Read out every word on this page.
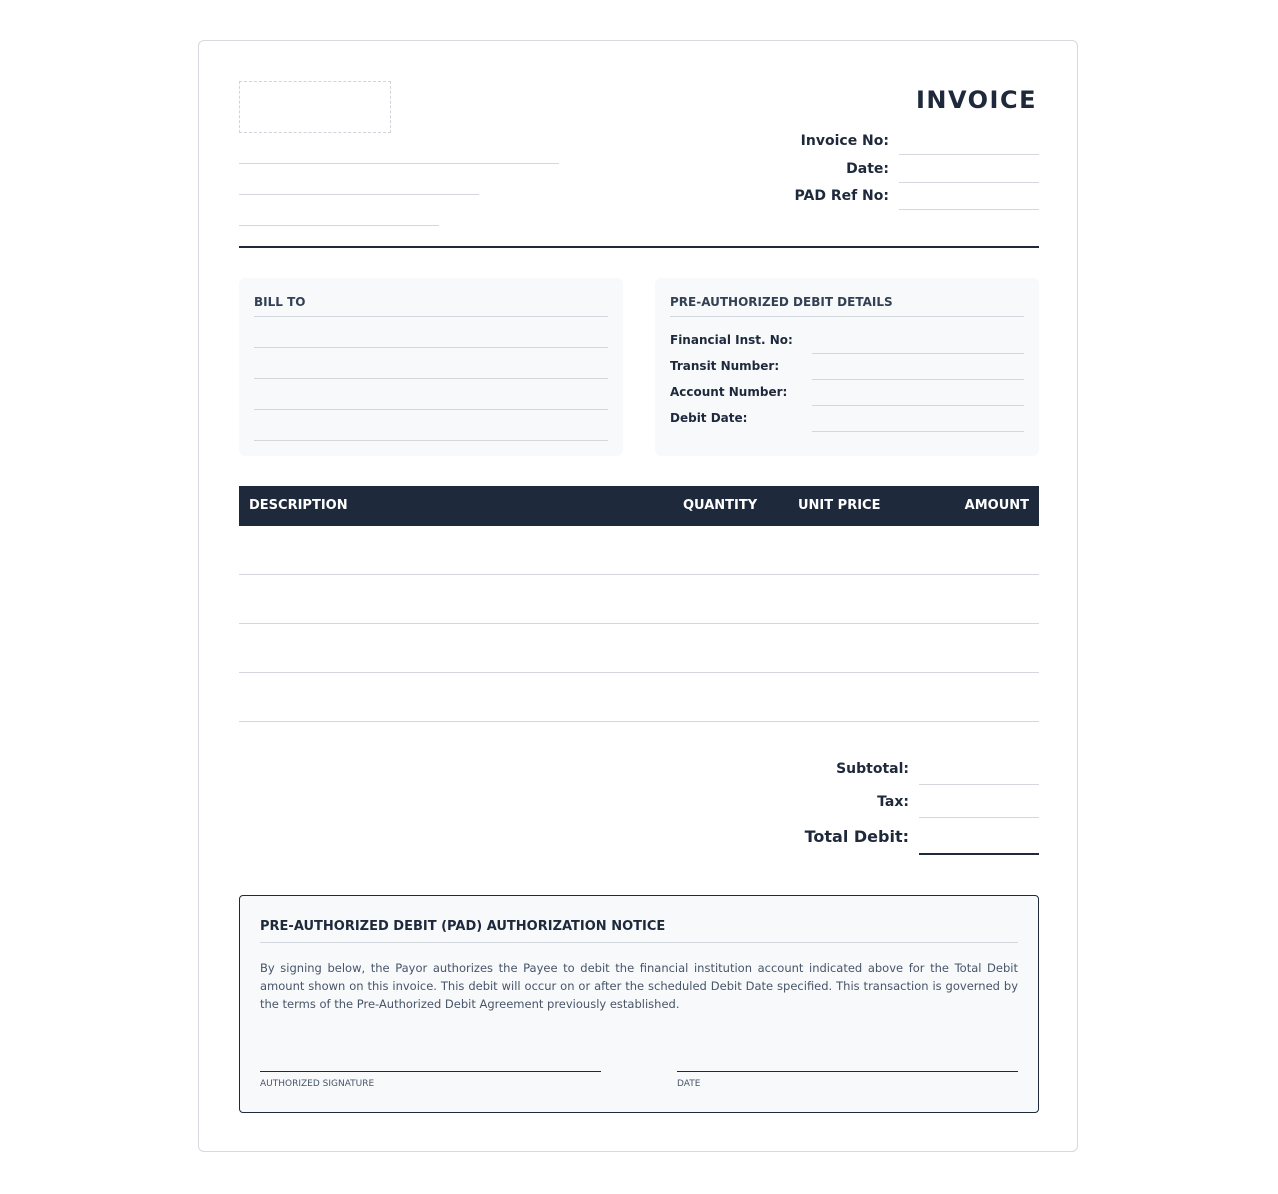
INVOICE
Invoice No:
Date:
PAD Ref No:
BILL TO	PRE-AUTHORIZED DEBIT DETAILS
Financial Inst. No:
Transit Number:
Account Number:
Debit Date:
DESCRIPTION	QUANTITY	UNIT PRICE	AMOUNT
Subtotal:
Tax:
Total Debit:
PRE-AUTHORIZED DEBIT (PAD) AUTHORIZATION NOTICE
By signing below, the Payor authorizes the Payee to debit the financial institution account indicated above for the Total Debit amount shown on this invoice. This debit will occur on or after the scheduled Debit Date specified. This transaction is governed by the terms of the Pre-Authorized Debit Agreement previously established.
AUTHORIZED SIGNATURE	DATE
